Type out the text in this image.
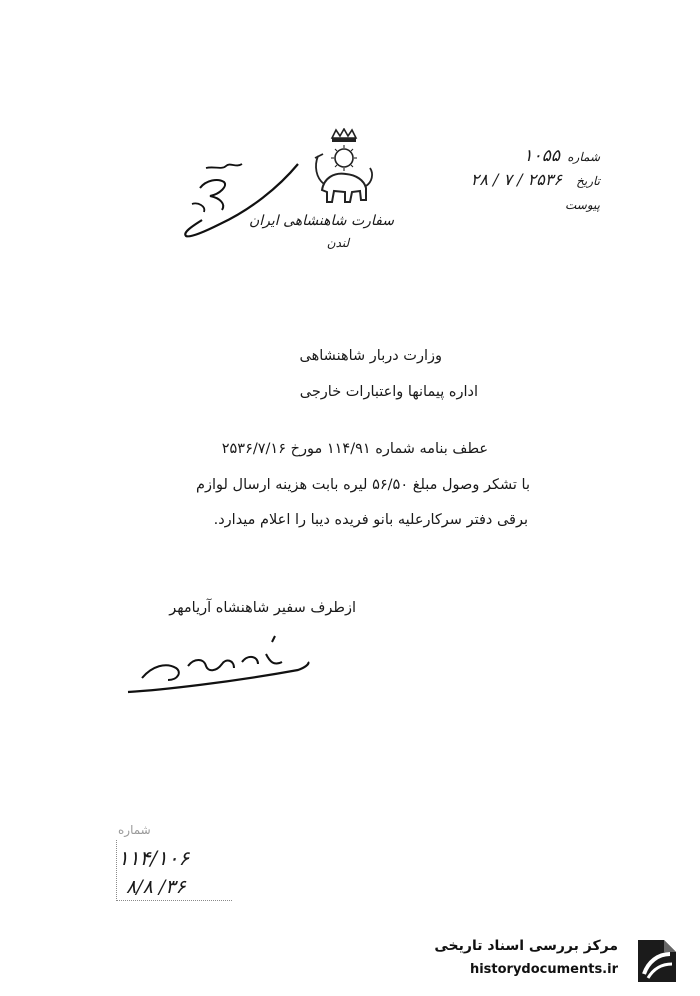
سفارت شاهنشاهی ایران
لندن
شماره
۱۰۵۵
تاریخ
۲۸ / ۷ / ۲۵۳۶
پیوست
وزارت دربار شاهنشاهی
اداره پیمانها واعتبارات خارجی
عطف بنامه شماره ۱۱۴/۹۱ مورخ ۲۵۳۶/۷/۱۶
با تشکر وصول مبلغ ۵۶/۵۰ لیره بابت هزینه ارسال لوازم
برقی دفتر سرکارعلیه بانو فریده دیبا را اعلام میدارد.
ازطرف سفیر شاهنشاه آریامهر
شماره
۱۱۴/۱۰۶
۸/۸ /۳۶
مرکز بررسی اسناد تاریخی
historydocuments.ir
